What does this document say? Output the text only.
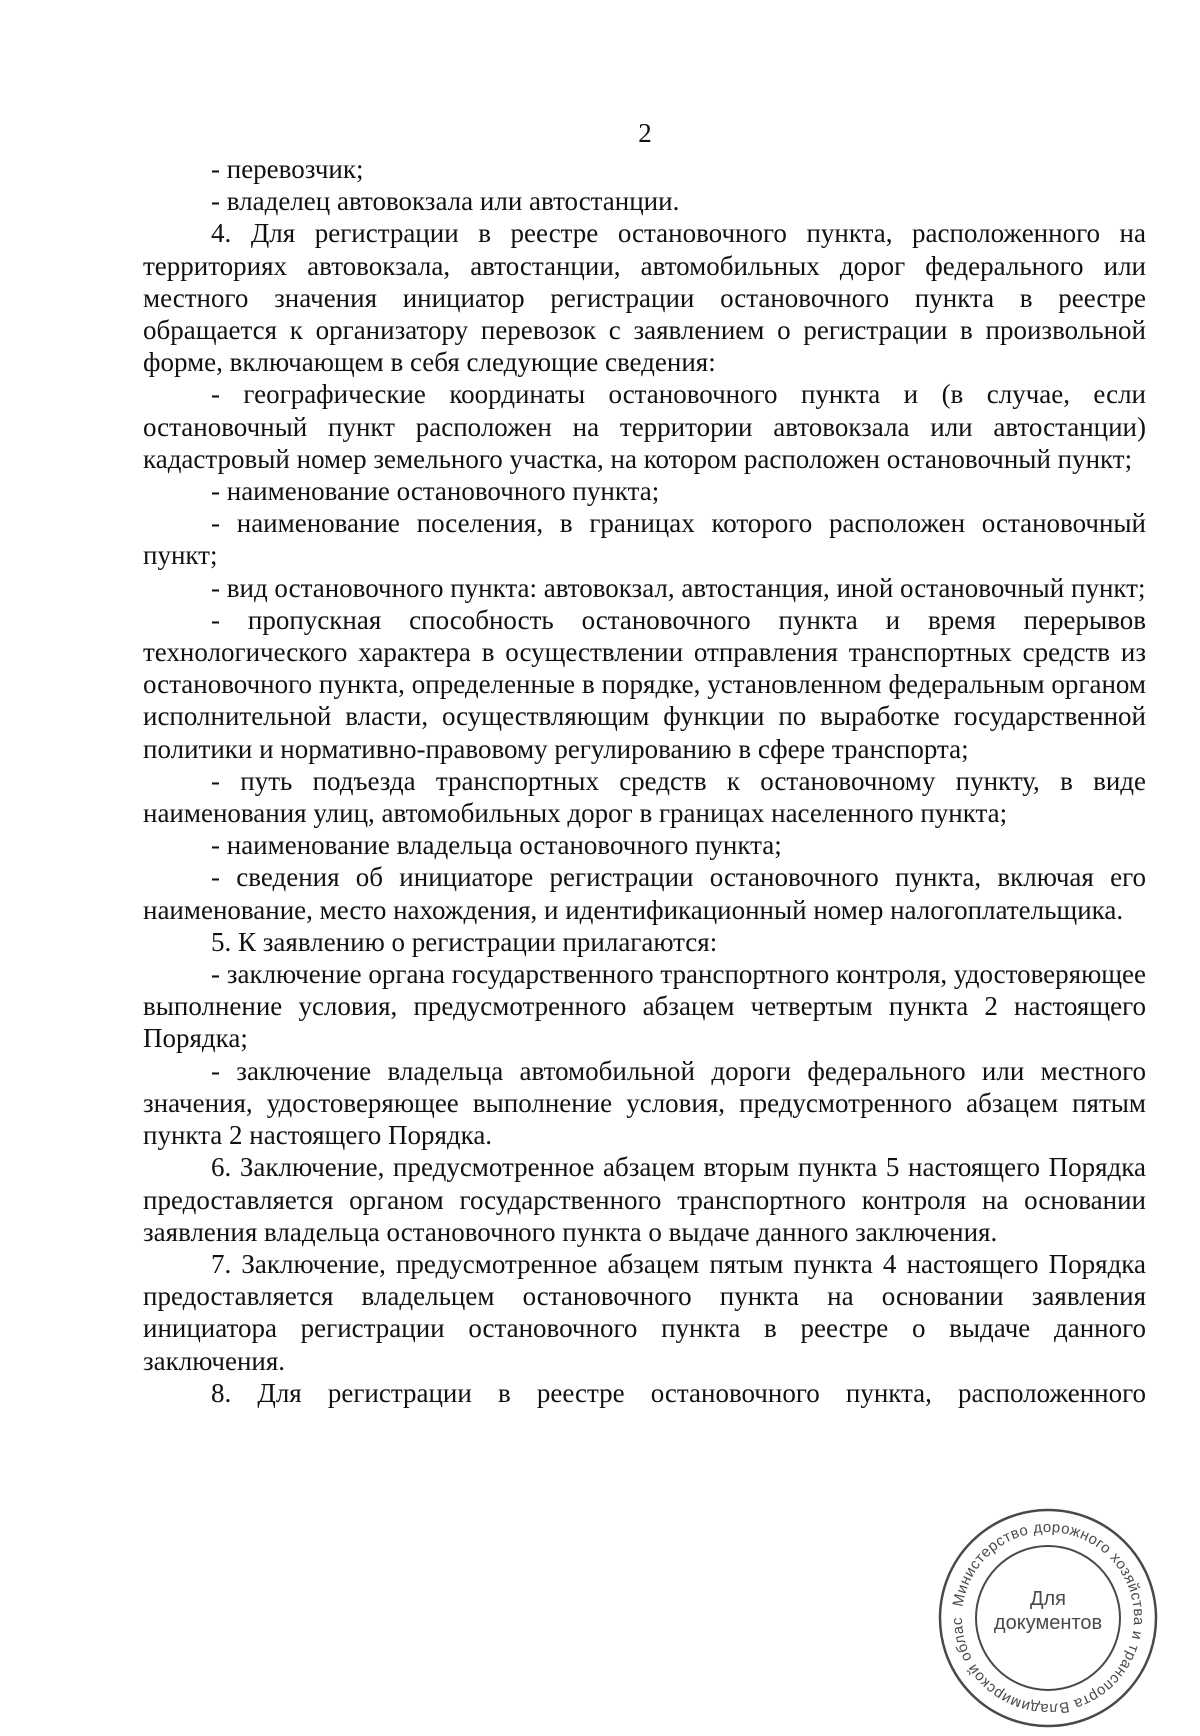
2

- перевозчик;

- владелец автовокзала или автостанции.

4. Для регистрации в реестре остановочного пункта, расположенного на территориях автовокзала, автостанции, автомобильных дорог федерального или местного значения инициатор регистрации остановочного пункта в реестре обращается к организатору перевозок с заявлением о регистрации в произвольной форме, включающем в себя следующие сведения:

- географические координаты остановочного пункта и (в случае, если остановочный пункт расположен на территории автовокзала или автостанции) кадастровый номер земельного участка, на котором расположен остановочный пункт;

- наименование остановочного пункта;

- наименование поселения, в границах которого расположен остановочный пункт;

- вид остановочного пункта: автовокзал, автостанция, иной остановочный пункт;

- пропускная способность остановочного пункта и время перерывов технологического характера в осуществлении отправления транспортных средств из остановочного пункта, определенные в порядке, установленном федеральным органом исполнительной власти, осуществляющим функции по выработке государственной политики и нормативно-правовому регулированию в сфере транспорта;

- путь подъезда транспортных средств к остановочному пункту, в виде наименования улиц, автомобильных дорог в границах населенного пункта;

- наименование владельца остановочного пункта;

- сведения об инициаторе регистрации остановочного пункта, включая его наименование, место нахождения, и идентификационный номер налогоплательщика.

5. К заявлению о регистрации прилагаются:

- заключение органа государственного транспортного контроля, удостоверяющее выполнение условия, предусмотренного абзацем четвертым пункта 2 настоящего Порядка;

- заключение владельца автомобильной дороги федерального или местного значения, удостоверяющее выполнение условия, предусмотренного абзацем пятым пункта 2 настоящего Порядка.

6. Заключение, предусмотренное абзацем вторым пункта 5 настоящего Порядка предоставляется органом государственного транспортного контроля на основании заявления владельца остановочного пункта о выдаче данного заключения.

7. Заключение, предусмотренное абзацем пятым пункта 4 настоящего Порядка предоставляется владельцем остановочного пункта на основании заявления инициатора регистрации остановочного пункта в реестре о выдаче данного заключения.

8. Для регистрации в реестре остановочного пункта, расположенного

Министерство дорожного хозяйства и транспорта Владимирской облас
Для
документов
